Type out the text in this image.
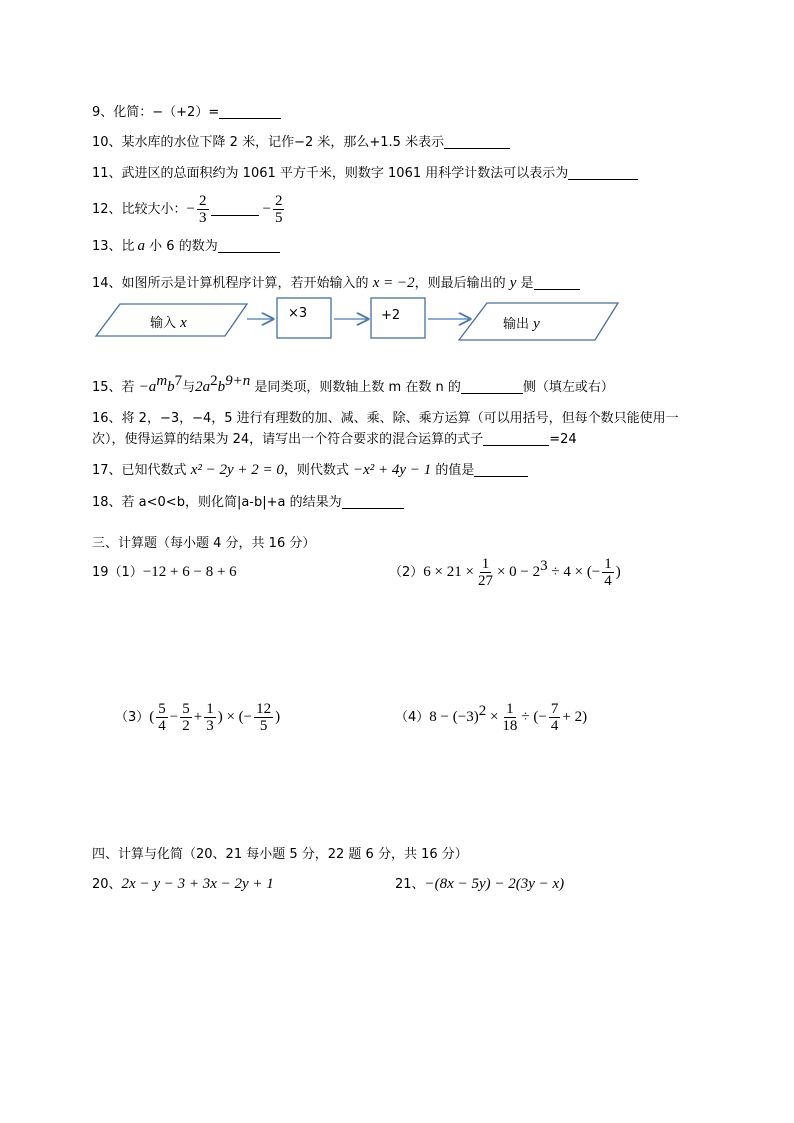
9、化简：−（+2）=
10、某水库的水位下降 2 米，记作−2 米，那么+1.5 米表示
11、武进区的总面积约为 1061 平方千米，则数字 1061 用科学计数法可以表示为
12、比较大小：− $\frac{2}{3}$	− $\frac{2}{5}$
13、比 a 小 6 的数为
14、如图所示是计算机程序计算，若开始输入的 x = −2，则最后输出的 y 是
输入 x
×3	+2
输出 y
15、若 $-a^mb^7$与$2a^2b^{9+n}$ 是同类项，则数轴上数 m 在数 n 的	侧（填左或右）
16、将 2，−3，−4，5 进行有理数的加、减、乘、除、乘方运算（可以用括号，但每个数只能使用一
次），使得运算的结果为 24，请写出一个符合要求的混合运算的式子	=24
17、已知代数式 x² − 2y + 2 = 0，则代数式 −x² + 4y − 1 的值是
18、若 a<0<b，则化简|a-b|+a 的结果为
三、计算题（每小题 4 分，共 16 分）
19（1）−12 + 6 − 8 + 6	$(2)6 \times 21 \times \frac{1}{27} \times 0 - 2^3 \div 4$ × (− $\frac{1}{4}$ )
$(3)( \frac{5}{4} - \frac{5}{2} + \frac{1}{3}$ ) × (− $\frac{12}{5}$ )	$(4)8 - (-3)^2 \times \frac{1}{18}$ ÷ (− $\frac{7}{4} + 2$)
四、计算与化简（20、21 每小题 5 分，22 题 6 分，共 16 分）
20、2x − y − 3 + 3x − 2y + 1	21、−(8x − 5y) − 2(3y − x)
